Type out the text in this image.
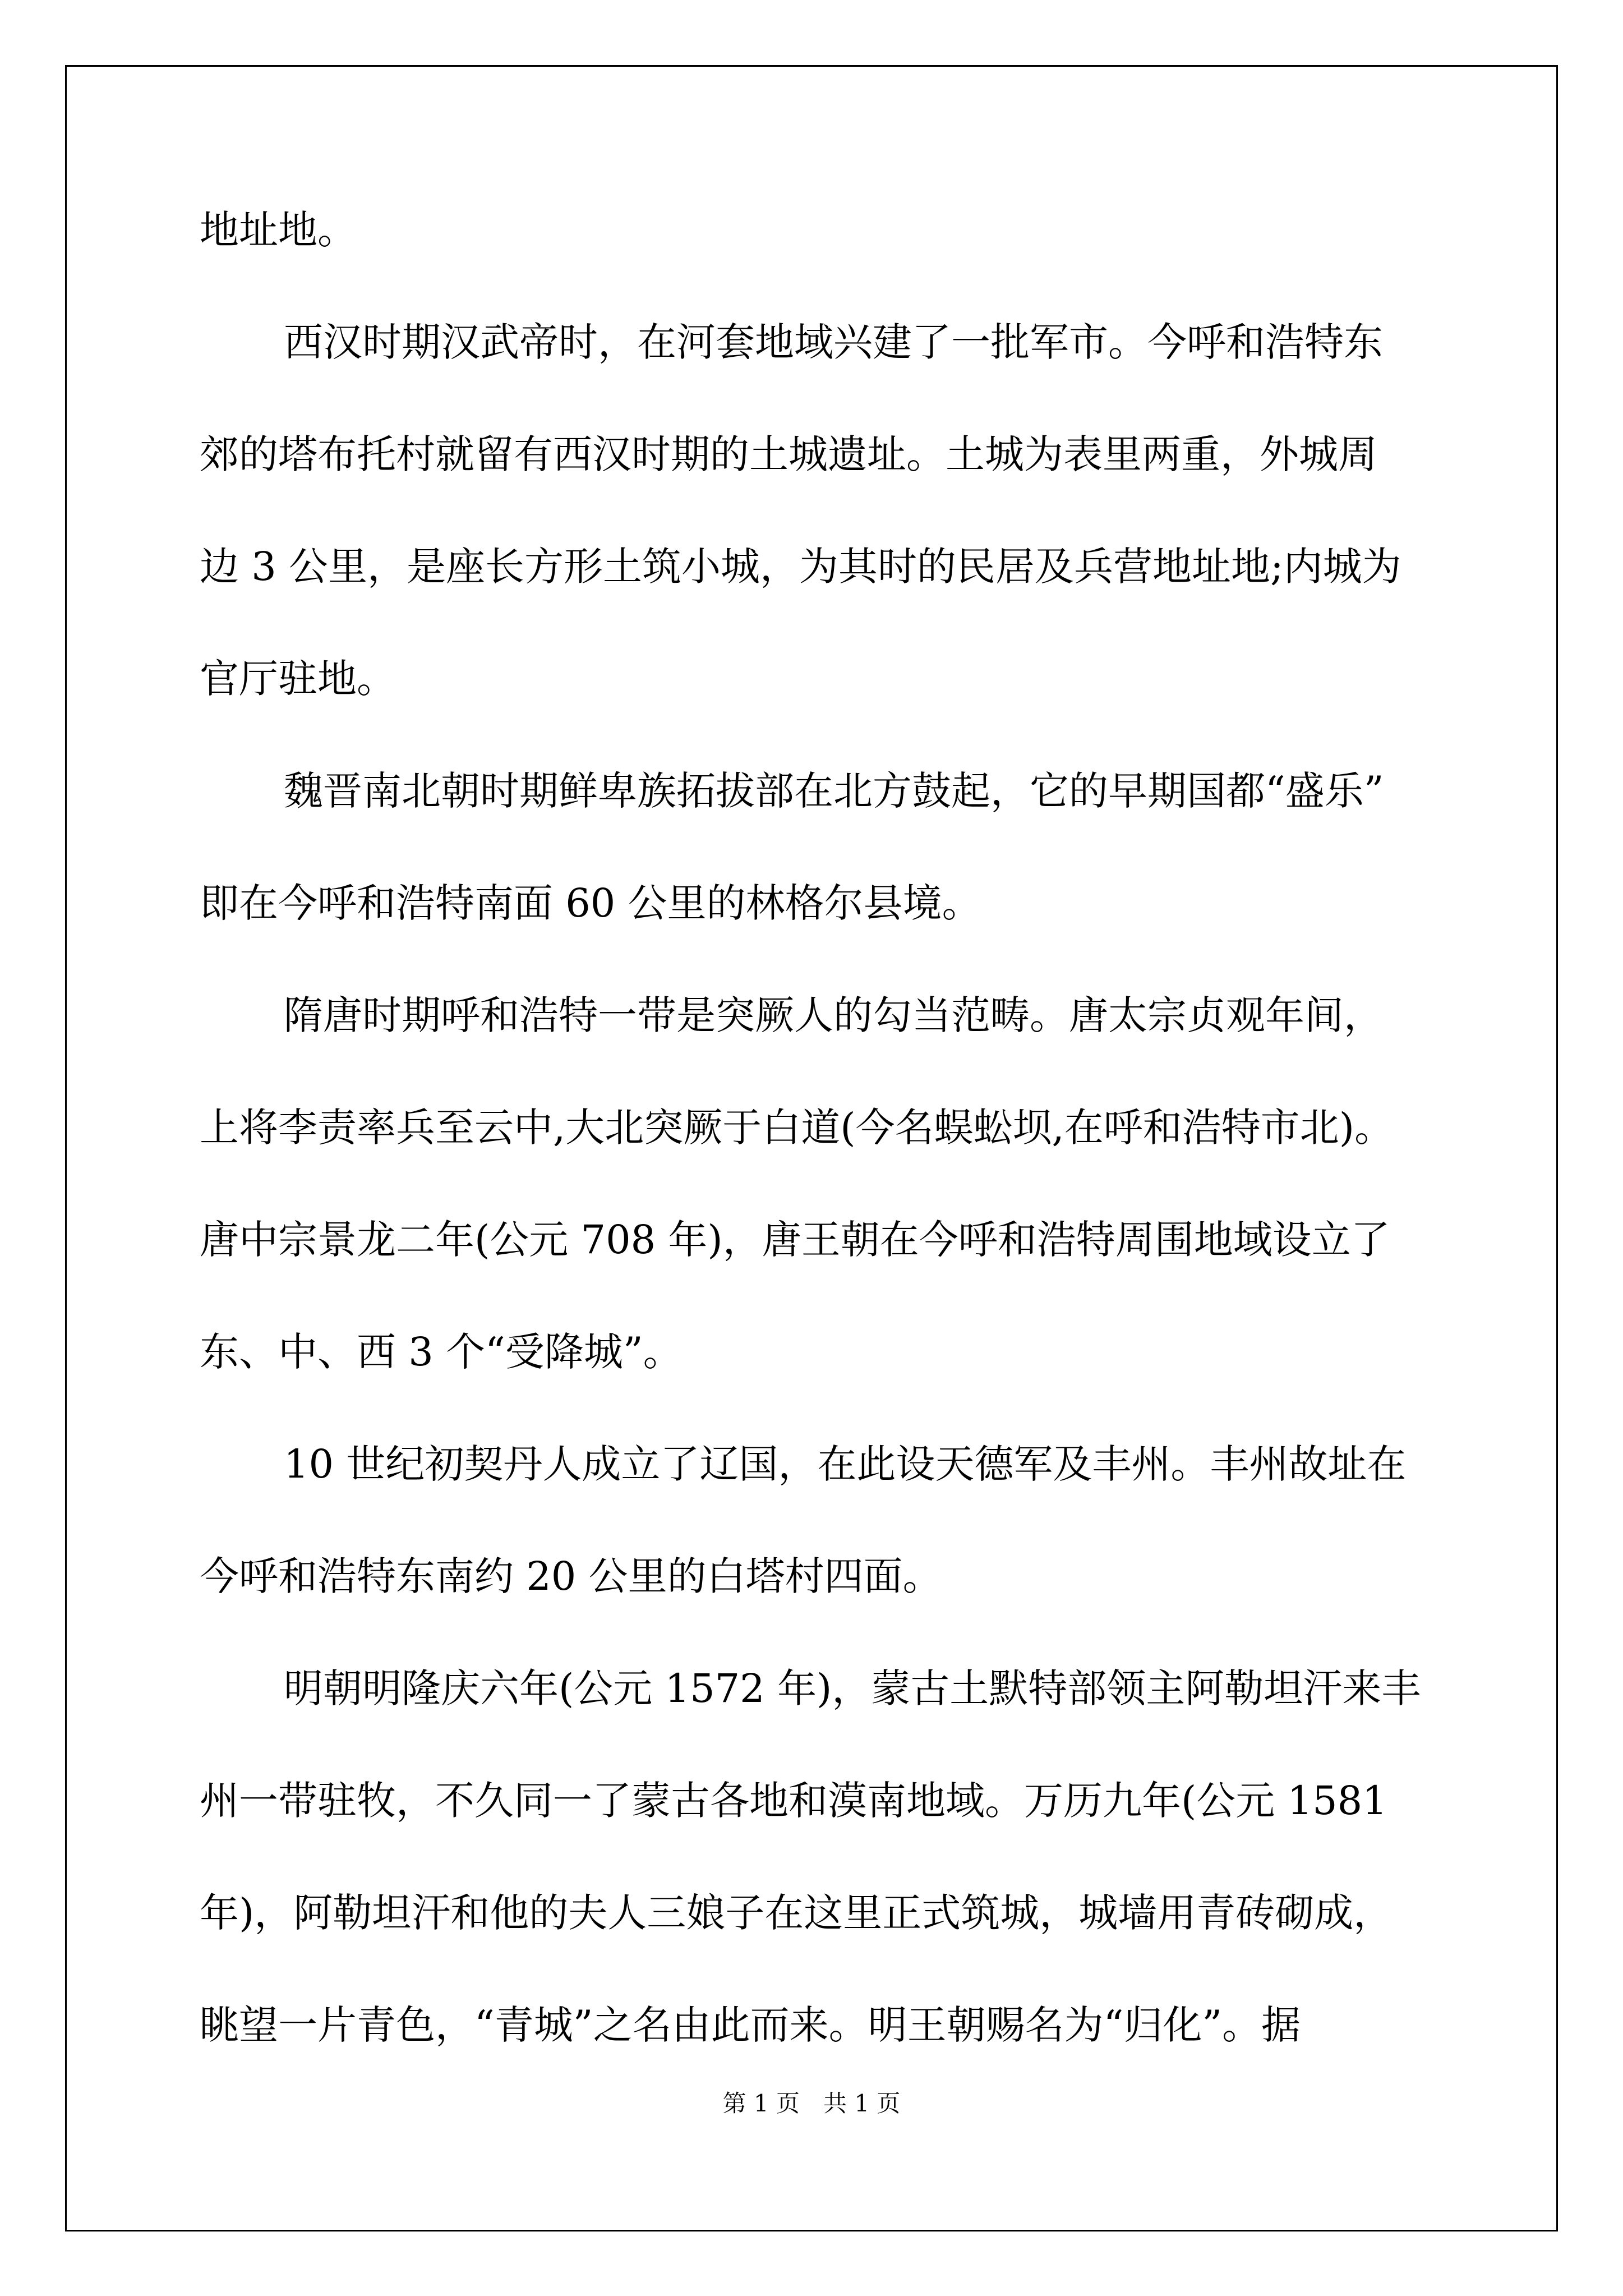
地址地。
西汉时期汉武帝时，在河套地域兴建了一批军市。今呼和浩特东
郊的塔布托村就留有西汉时期的土城遗址。土城为表里两重，外城周
边 3 公里，是座长方形土筑小城，为其时的民居及兵营地址地;内城为
官厅驻地。
魏晋南北朝时期鲜卑族拓拔部在北方鼓起，它的早期国都“盛乐”
即在今呼和浩特南面 60 公里的林格尔县境。
隋唐时期呼和浩特一带是突厥人的勾当范畴。唐太宗贞观年间，
上将李责率兵至云中,大北突厥于白道(今名蜈蚣坝,在呼和浩特市北)。
唐中宗景龙二年(公元 708 年)，唐王朝在今呼和浩特周围地域设立了
东、中、西 3 个“受降城”。
10 世纪初契丹人成立了辽国，在此设天德军及丰州。丰州故址在
今呼和浩特东南约 20 公里的白塔村四面。
明朝明隆庆六年(公元 1572 年)，蒙古土默特部领主阿勒坦汗来丰
州一带驻牧，不久同一了蒙古各地和漠南地域。万历九年(公元 1581
年)，阿勒坦汗和他的夫人三娘子在这里正式筑城，城墙用青砖砌成，
眺望一片青色，“青城”之名由此而来。明王朝赐名为“归化”。据
第 1 页　共 1 页
